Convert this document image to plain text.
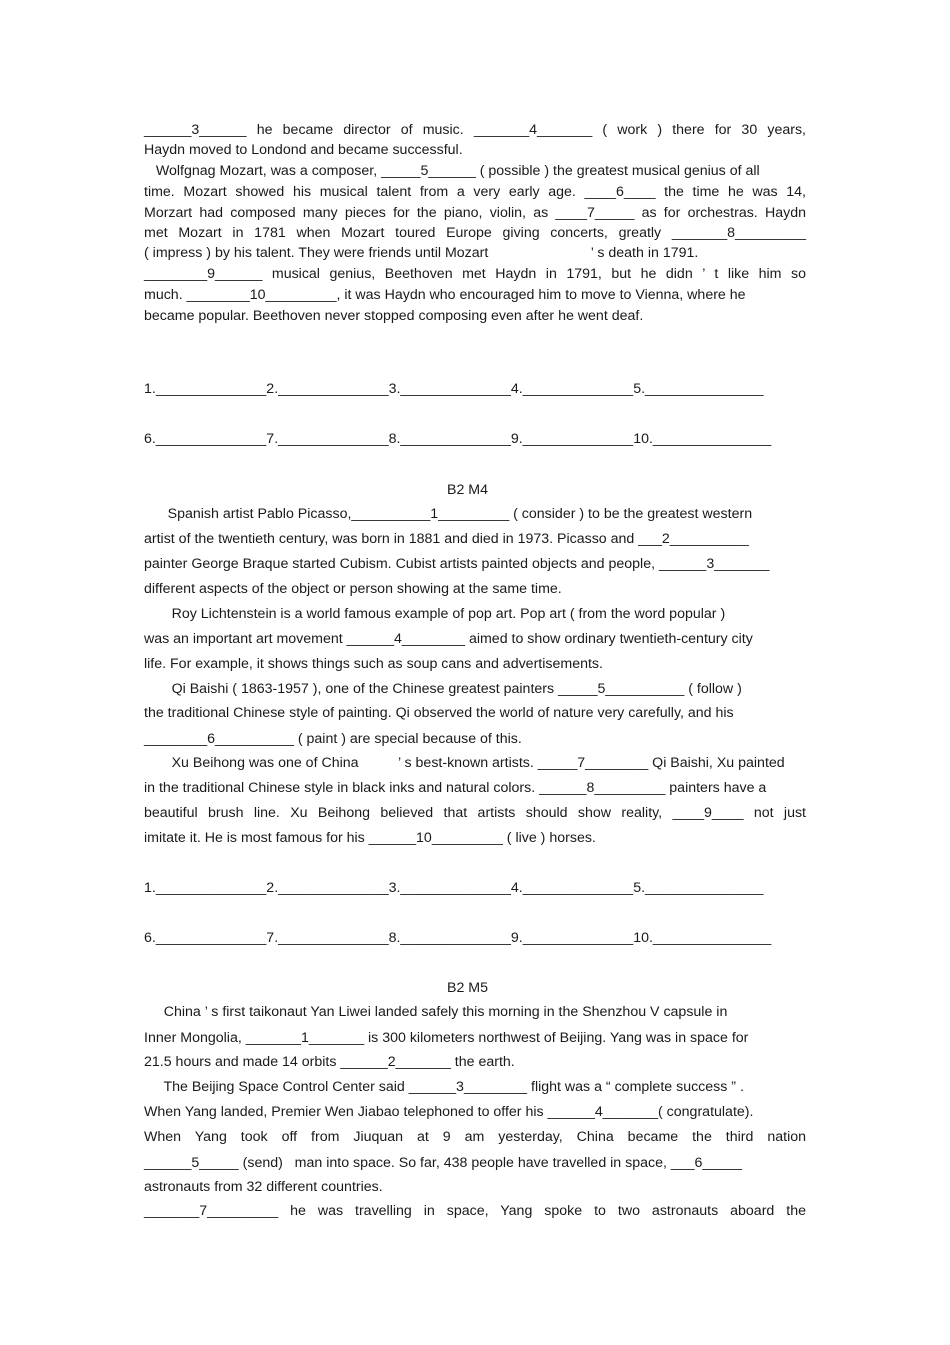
______3______ he became director of music. _______4_______ ( work ) there for 30 years,
Haydn moved to Londond and became successful.
Wolfgnag Mozart, was a composer, _____5______ ( possible ) the greatest musical genius of all
time. Mozart showed his musical talent from a very early age. ____6____ the time he was 14,
Morzart had composed many pieces for the piano, violin, as ____7_____ as for orchestras. Haydn
met Mozart in 1781 when Mozart toured Europe giving concerts, greatly _______8_________
( impress ) by his talent. They were friends until Mozart                          ’ s death in 1791.
________9______ musical genius, Beethoven met Haydn in 1791, but he didn ’ t like him so
much. ________10_________, it was Haydn who encouraged him to move to Vienna, where he
became popular. Beethoven never stopped composing even after he went deaf.
1.______________2.______________3.______________4.______________5._______________
6.______________7.______________8.______________9.______________10._______________
B2 M4
Spanish artist Pablo Picasso,__________1_________ ( consider ) to be the greatest western
artist of the twentieth century, was born in 1881 and died in 1973. Picasso and ___2__________
painter George Braque started Cubism. Cubist artists painted objects and people, ______3_______
different aspects of the object or person showing at the same time.
Roy Lichtenstein is a world famous example of pop art. Pop art ( from the word popular )
was an important art movement ______4________ aimed to show ordinary twentieth-century city
life. For example, it shows things such as soup cans and advertisements.
Qi Baishi ( 1863-1957 ), one of the Chinese greatest painters _____5__________ ( follow )
the traditional Chinese style of painting. Qi observed the world of nature very carefully, and his
________6__________ ( paint ) are special because of this.
Xu Beihong was one of China          ’ s best-known artists. _____7________ Qi Baishi, Xu painted
in the traditional Chinese style in black inks and natural colors. ______8_________ painters have a
beautiful brush line. Xu Beihong believed that artists should show reality, ____9____ not just
imitate it. He is most famous for his ______10_________ ( live ) horses.
1.______________2.______________3.______________4.______________5._______________
6.______________7.______________8.______________9.______________10._______________
B2 M5
China ’ s first taikonaut Yan Liwei landed safely this morning in the Shenzhou V capsule in
Inner Mongolia, _______1_______ is 300 kilometers northwest of Beijing. Yang was in space for
21.5 hours and made 14 orbits ______2_______ the earth.
The Beijing Space Control Center said ______3________ flight was a “ complete success ” .
When Yang landed, Premier Wen Jiabao telephoned to offer his ______4_______( congratulate).
When Yang took off from Jiuquan at 9 am yesterday, China became the third nation
______5_____ (send)   man into space. So far, 438 people have travelled in space, ___6_____
astronauts from 32 different countries.
_______7_________ he was travelling in space, Yang spoke to two astronauts aboard the
